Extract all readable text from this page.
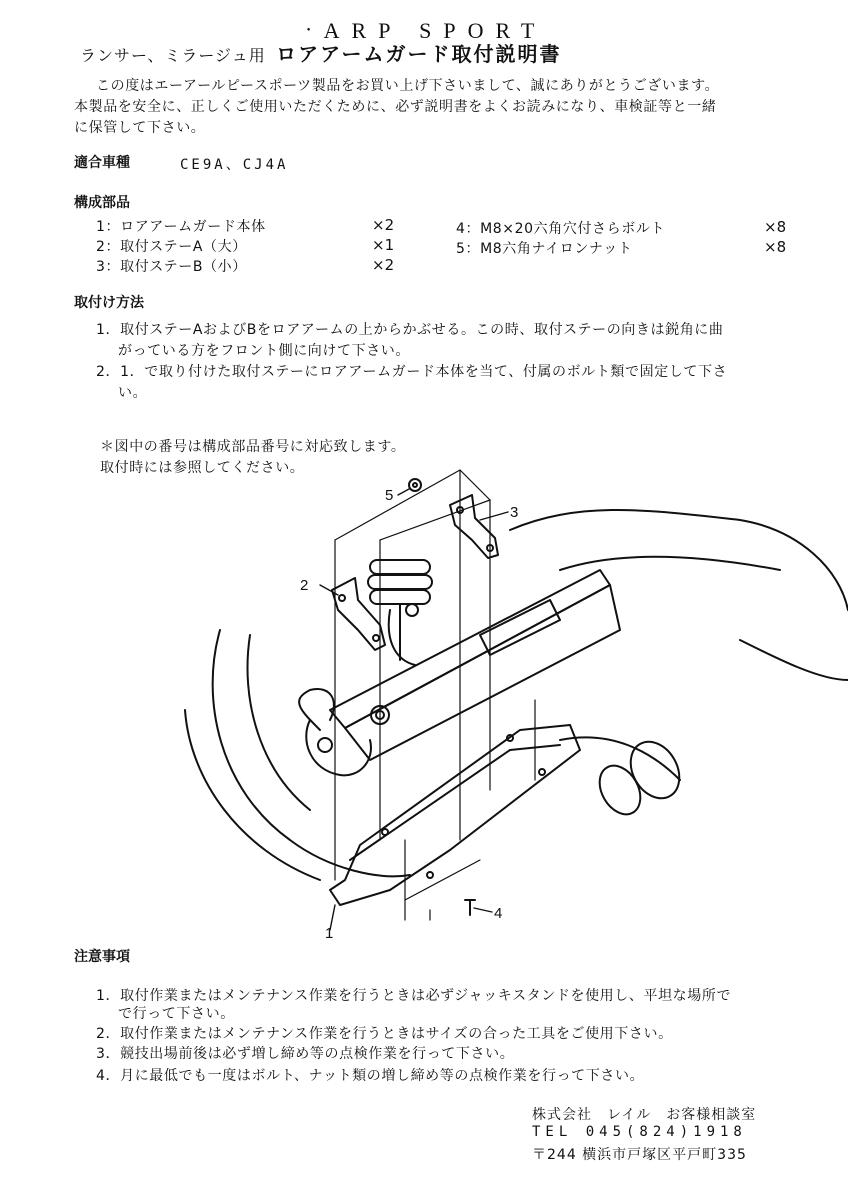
・ ARP SPORT
ランサー、ミラージュ用 ロアアームガード取付説明書
この度はエーアールピースポーツ製品をお買い上げ下さいまして、誠にありがとうございます。
本製品を安全に、正しくご使用いただくために、必ず説明書をよくお読みになり、車検証等と一緒
に保管して下さい。
適合車種	CE9A、CJ4A
構成部品
1：ロアアームガード本体	×2
2：取付ステーA（大）	×1
3：取付ステーB（小）	×2
4：M8×20六角穴付さらボルト	×8
5：M8六角ナイロンナット	×8
取付け方法
1．取付ステーAおよびBをロアアームの上からかぶせる。この時、取付ステーの向きは鋭角に曲
がっている方をフロント側に向けて下さい。
2．1．で取り付けた取付ステーにロアアームガード本体を当て、付属のボルト類で固定して下さ
い。
＊図中の番号は構成部品番号に対応致します。
取付時には参照してください。
1
2
3
4
5
注意事項
1．取付作業またはメンテナンス作業を行うときは必ずジャッキスタンドを使用し、平坦な場所で
で行って下さい。
2．取付作業またはメンテナンス作業を行うときはサイズの合った工具をご使用下さい。
3．競技出場前後は必ず増し締め等の点検作業を行って下さい。
4．月に最低でも一度はボルト、ナット類の増し締め等の点検作業を行って下さい。
株式会社　レイル　お客様相談室
TEL 045(824)1918
〒244 横浜市戸塚区平戸町335
